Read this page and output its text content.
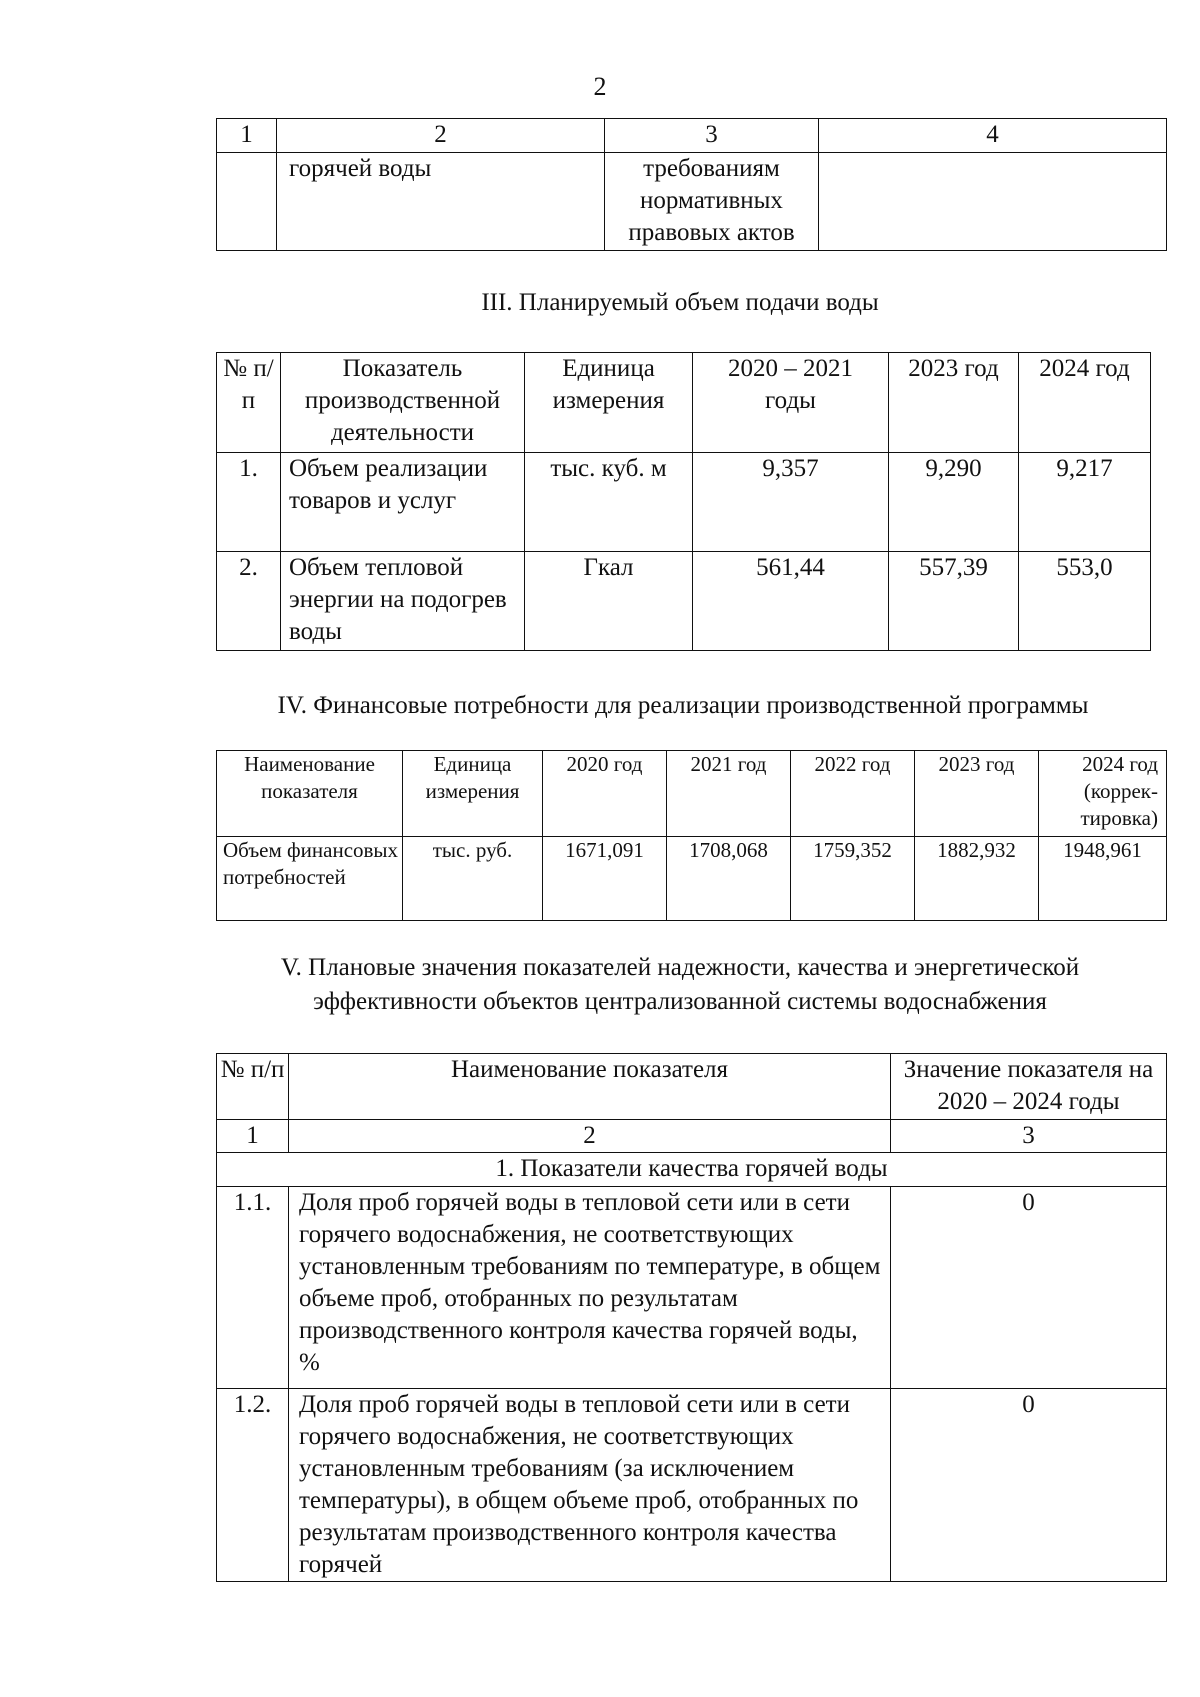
2
1	2	3	4
	горячей воды	требованиям нормативных правовых актов	
III. Планируемый объем подачи воды
№ п/п	Показатель производственной деятельности	Единица измерения	2020 – 2021 годы	2023 год	2024 год
1.	Объем реализации товаров и услуг	тыс. куб. м	9,357	9,290	9,217
2.	Объем тепловой энергии на подогрев воды	Гкал	561,44	557,39	553,0
IV. Финансовые потребности для реализации производственной программы
Наименование показателя	Единица измерения	2020 год	2021 год	2022 год	2023 год	2024 год (коррек-тировка)
Объем финансовых потребностей	тыс. руб.	1671,091	1708,068	1759,352	1882,932	1948,961
V. Плановые значения показателей надежности, качества и энергетической
эффективности объектов централизованной системы водоснабжения
№ п/п	Наименование показателя	Значение показателя на 2020 – 2024 годы
1	2	3
1. Показатели качества горячей воды		
1.1.	Доля проб горячей воды в тепловой сети или в сети горячего водоснабжения, не соответствующих установленным требованиям по температуре, в общем объеме проб, отобранных по результатам производственного контроля качества горячей воды, %	0
1.2.	Доля проб горячей воды в тепловой сети или в сети горячего водоснабжения, не соответствующих установленным требованиям (за исключением температуры), в общем объеме проб, отобранных по результатам производственного контроля качества горячей	0
